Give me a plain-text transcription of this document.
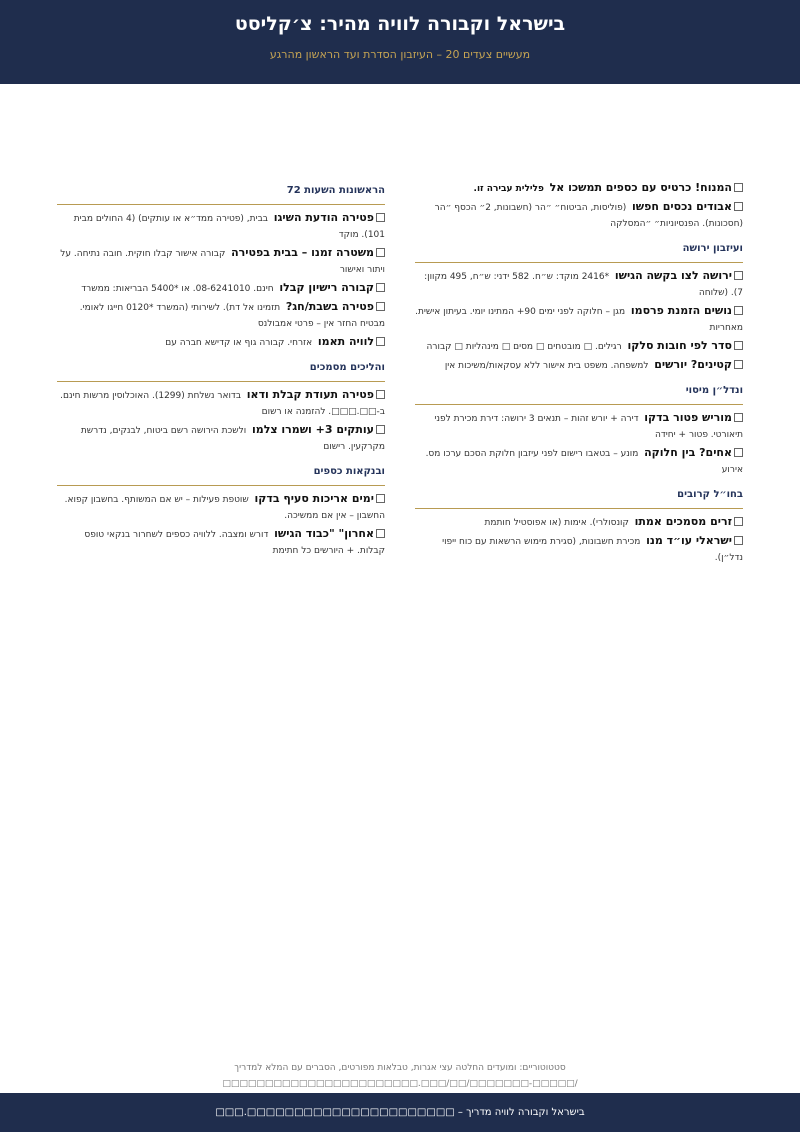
בישראל וקבורה לוויה מהיר: צ׳קליסט
מעשיים צעדים 20 – העיזבון הסדרת ועד הראשון מהרגע
המנוח! כרטיס עם כספים תמשכו אל  פלילית עבירה זו.
אבודים נכסים חפשו  (פוליסות, הביטוח״ ״הר (חשבונות, 2״ הכסף ״הר (חסכונות). הפנסיוניות״ ״המסלקה
ועיזבון ירושה
ירושה לצו בקשה הגישו  *2416 מוקד: ש״ח. 582 ידני: ש״ח, 495 מקוון: 7). (שלוחה
נושים הזמנת פרסמו  מגן – חלוקה לפני ימים 90+ המתינו יומי. בעיתון אישית. מאחריות
סדר לפי חובות סלקו  רגילים. □ מובטחים □ מסים □ מינהליות □ קבורה
קטינים? יורשים  למשפחה. משפט בית אישור ללא עסקאות/משיכות אין
ונדל״ן מיסוי
מוריש פטור בדקו  דירה + יורש זהות – תנאים 3 ירושה: דירת מכירת לפני תיאורטי. פטור + יחידה
אחים? בין חלוקה  מונע – בטאבו רישום לפני עיזבון חלוקת הסכם ערכו מס. אירוע
בחו״ל קרובים
זרים מסמכים אמתו  קונסולרי). אימות (או אפוסטיל חותמת
ישראלי עו״ד מנו  מכירת חשבונות, (סגירת מימוש הרשאות עם כוח ייפוי נדל״ן).
הראשונות השעות 72
פטירה הודעת השיגו  בבית, (פטירה ממד״א או עותקים) (4 החולים מבית 101). מוקד
משטרה זמנו – בבית בפטירה  קבורה אישור קבלו חוקית. חובה נתיחה. על ויתור ואישור
קבורה רישיון קבלו  חינם. 08-6241010. או *5400 הבריאות: ממשרד
פטירה בשבת/חג?  תזמינו אל דת). לשירותי (המשרד *0120 חייגו לאומי. מבטיח החזר אין – פרטי אמבולנס
לוויה תאמו  אזרחי. קבורה גוף או קדישא חברה עם
והליכים מסמכים
פטירה תעודת קבלת ודאו  בדואר נשלחת (1299). האוכלוסין מרשות חינם. ב-□□.□□□. להזמנה או רשום
עותקים 3+ ושמרו צלמו  ולשכת הירושה רשם ביטוח, לבנקים, נדרשת מקרקעין. רישום
ובנקאות כספים
ימים אריכות סעיף בדקו  שוטפת פעילות – יש אם המשותף. בחשבון קפוא. החשבון – אין אם ממשיכה.
אחרון" "כבוד הגישו  דורש ומצבה. ללוויה כספים לשחרור בנקאי טופס קבלות. + היורשים כל חתימת
סטטוטוריים: ומועדים החלטה עצי אגרות, טבלאות מפורטים, הסברים עם המלא למדריך
/□□□□□-□□□□□□□/□□/□□□.□□□□□□□□□□□□□□□□□□□□□□□
בישראל וקבורה לוויה מדריך – □□□□□□□□□□□□□□□□□□□□□□.□□□
